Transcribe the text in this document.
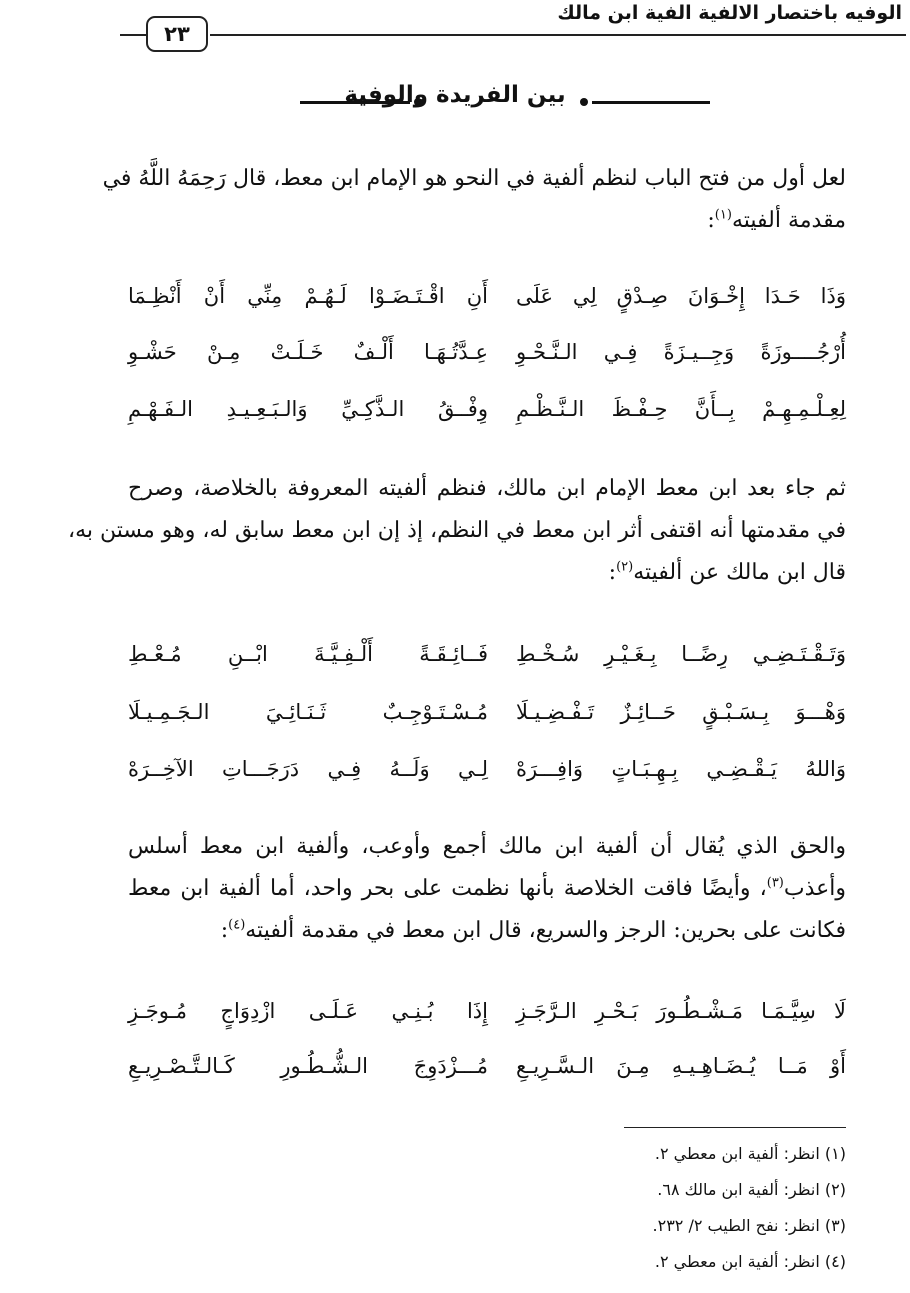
الوفيه باختصار الالفية الفية ابن مالك
٢٣
بين الفريدة والوفية
لعل أول من فتح الباب لنظم ألفية في النحو هو الإمام ابن معط، قال رَحِمَهُ اللَّهُ في
مقدمة ألفيته$^{(١)}$:
وَذَا حَـدَا إِخْـوَانَ صِـدْقٍ لِي عَلَى
أَنِ اقْـتَـضَـوْا لَـهُـمْ مِنِّي أَنْ أَنْظِـمَا
أُرْجُــــوزَةً وَجِــيـزَةً فِـي الـنَّـحْـوِ
عِـدَّتُـهَـا أَلْـفٌ خَـلَـتْ مِـنْ حَشْـوِ
لِعِـلْـمِـهِـمْ بِــأَنَّ حِـفْـظَ الـنَّـظْـمِ
وِفْــقُ الـذَّكِـيِّ وَالـبَـعِـيـدِ الـفَـهْـمِ
ثم جاء بعد ابن معط الإمام ابن مالك، فنظم ألفيته المعروفة بالخلاصة، وصرح
في مقدمتها أنه اقتفى أثر ابن معط في النظم، إذ إن ابن معط سابق له، وهو مستن به،
قال ابن مالك عن ألفيته$^{(٢)}$:
وَتَـقْـتَـضِـي رِضًــا بِـغَـيْـرِ سُـخْـطِ
فَــائِـقَـةً أَلْـفِـيَّـةَ ابْــنِ مُـعْـطِ
وَهْـــوَ بِـسَـبْـقٍ حَــائِـزٌ تَـفْـضِـيـلَا
مُـسْـتَـوْجِـبٌ ثَـنَـائِـيَ الـجَـمِـيـلَا
وَاللهُ يَـقْـضِـي بِـهِـبَـاتٍ وَافِـــرَهْ
لِـي وَلَــهُ فِـي دَرَجَـــاتِ الآخِــرَهْ
والحق الذي يُقال أن ألفية ابن مالك أجمع وأوعب، وألفية ابن معط أسلس
وأعذب$^{(٣)}$، وأيضًا فاقت الخلاصة بأنها نظمت على بحر واحد، أما ألفية ابن معط
فكانت على بحرين: الرجز والسريع، قال ابن معط في مقدمة ألفيته$^{(٤)}$:
لَا سِيَّـمَـا مَـشْـطُـورَ بَـحْـرِ الـرَّجَـزِ
إِذَا بُـنِـي عَـلَـى ازْدِوَاجٍ مُـوجَـزِ
أَوْ مَــا يُـضَـاهِـيـهِ مِـنَ الـسَّـرِيـعِ
مُـــزْدَوِجَ الـشُّـطُـورِ كَـالـتَّـصْـرِيـعِ
(١) انظر: ألفية ابن معطي ٢.
(٢) انظر: ألفية ابن مالك ٦٨.
(٣) انظر: نفح الطيب ٢/ ٢٣٢.
(٤) انظر: ألفية ابن معطي ٢.
